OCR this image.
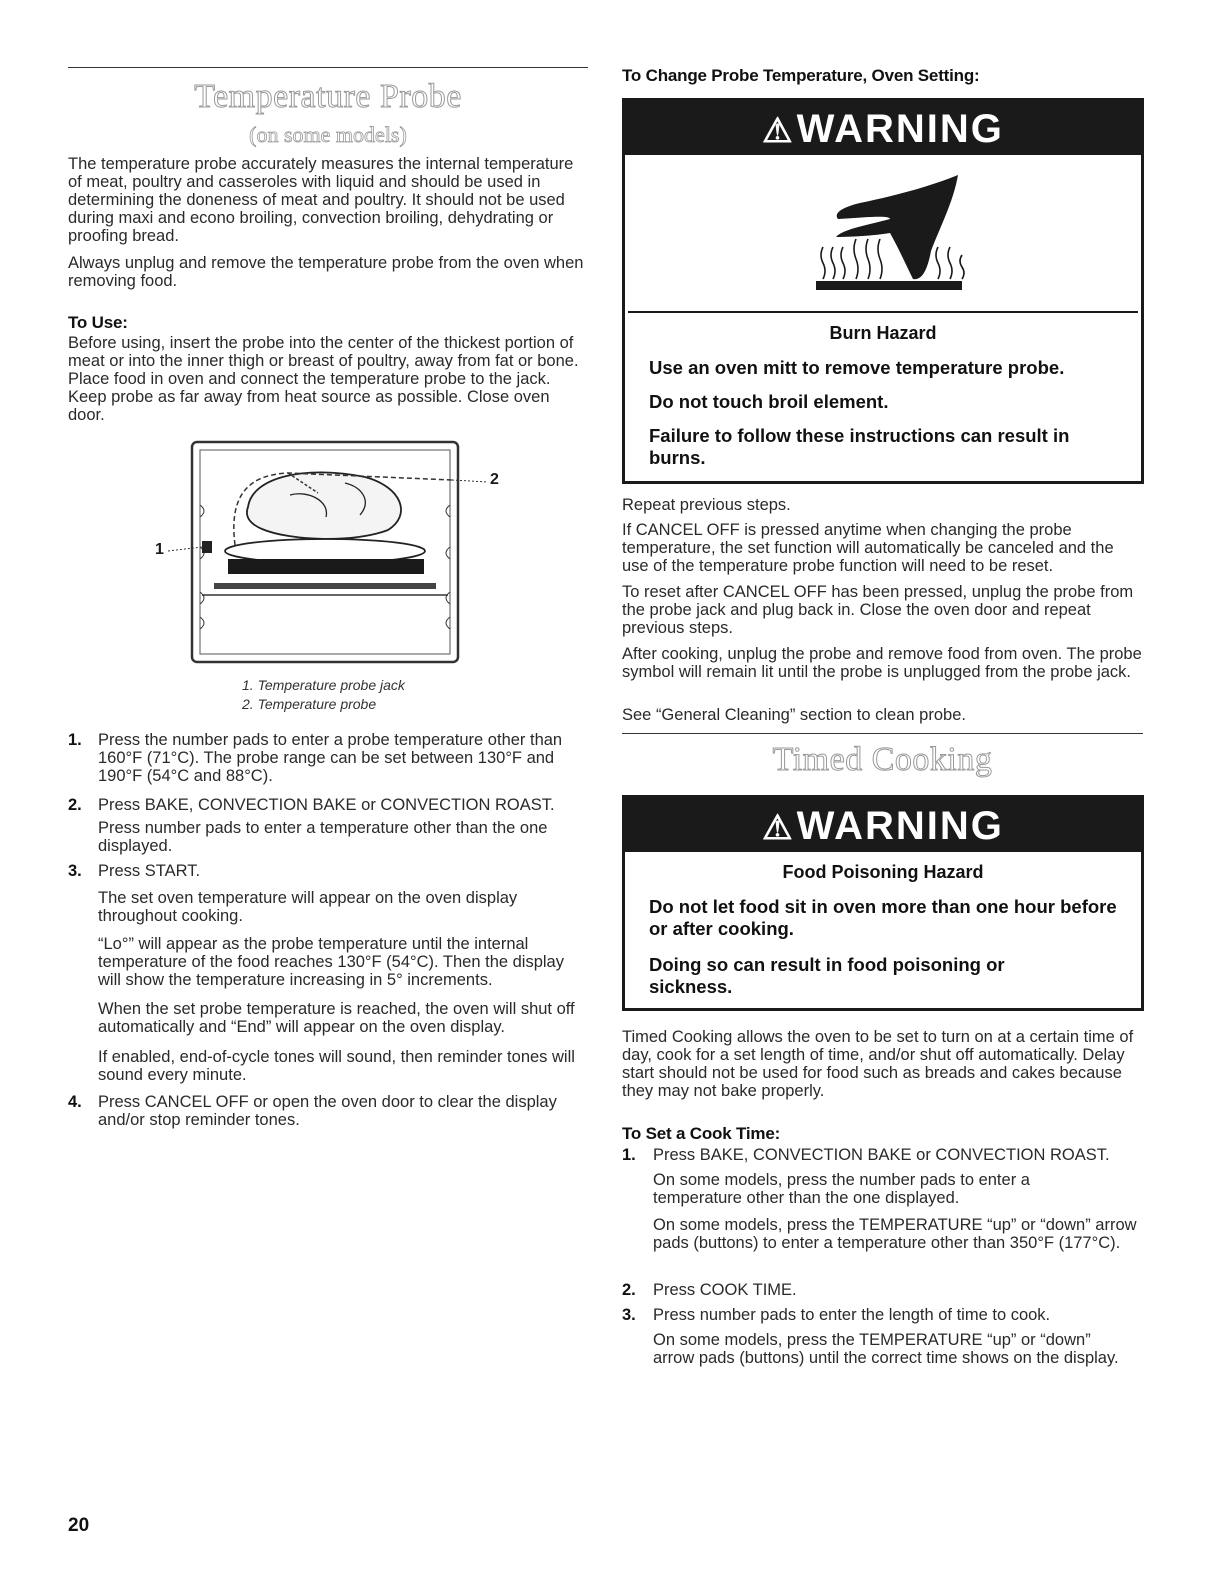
Temperature Probe
(on some models)
The temperature probe accurately measures the internal temperature of meat, poultry and casseroles with liquid and should be used in determining the doneness of meat and poultry. It should not be used during maxi and econo broiling, convection broiling, dehydrating or proofing bread.
Always unplug and remove the temperature probe from the oven when removing food.
To Use:
Before using, insert the probe into the center of the thickest portion of meat or into the inner thigh or breast of poultry, away from fat or bone. Place food in oven and connect the temperature probe to the jack. Keep probe as far away from heat source as possible. Close oven door.
1
2
1. Temperature probe jack
2. Temperature probe
1. Press the number pads to enter a probe temperature other than 160°F (71°C). The probe range can be set between 130°F and 190°F (54°C and 88°C).
2. Press BAKE, CONVECTION BAKE or CONVECTION ROAST.
Press number pads to enter a temperature other than the one displayed.
3. Press START.
The set oven temperature will appear on the oven display throughout cooking.
“Lo°” will appear as the probe temperature until the internal temperature of the food reaches 130°F (54°C). Then the display will show the temperature increasing in 5° increments.
When the set probe temperature is reached, the oven will shut off automatically and “End” will appear on the oven display.
If enabled, end-of-cycle tones will sound, then reminder tones will sound every minute.
4. Press CANCEL OFF or open the oven door to clear the display and/or stop reminder tones.
To Change Probe Temperature, Oven Setting:
⚠WARNING
Burn Hazard
Use an oven mitt to remove temperature probe.
Do not touch broil element.
Failure to follow these instructions can result in burns.
Repeat previous steps.
If CANCEL OFF is pressed anytime when changing the probe temperature, the set function will automatically be canceled and the use of the temperature probe function will need to be reset.
To reset after CANCEL OFF has been pressed, unplug the probe from the probe jack and plug back in. Close the oven door and repeat previous steps.
After cooking, unplug the probe and remove food from oven. The probe symbol will remain lit until the probe is unplugged from the probe jack.
See “General Cleaning” section to clean probe.
Timed Cooking
⚠WARNING
Food Poisoning Hazard
Do not let food sit in oven more than one hour before or after cooking.
Doing so can result in food poisoning or sickness.
Timed Cooking allows the oven to be set to turn on at a certain time of day, cook for a set length of time, and/or shut off automatically. Delay start should not be used for food such as breads and cakes because they may not bake properly.
To Set a Cook Time:
1. Press BAKE, CONVECTION BAKE or CONVECTION ROAST.
On some models, press the number pads to enter a temperature other than the one displayed.
On some models, press the TEMPERATURE “up” or “down” arrow pads (buttons) to enter a temperature other than 350°F (177°C).
2. Press COOK TIME.
3. Press number pads to enter the length of time to cook.
On some models, press the TEMPERATURE “up” or “down” arrow pads (buttons) until the correct time shows on the display.
20
